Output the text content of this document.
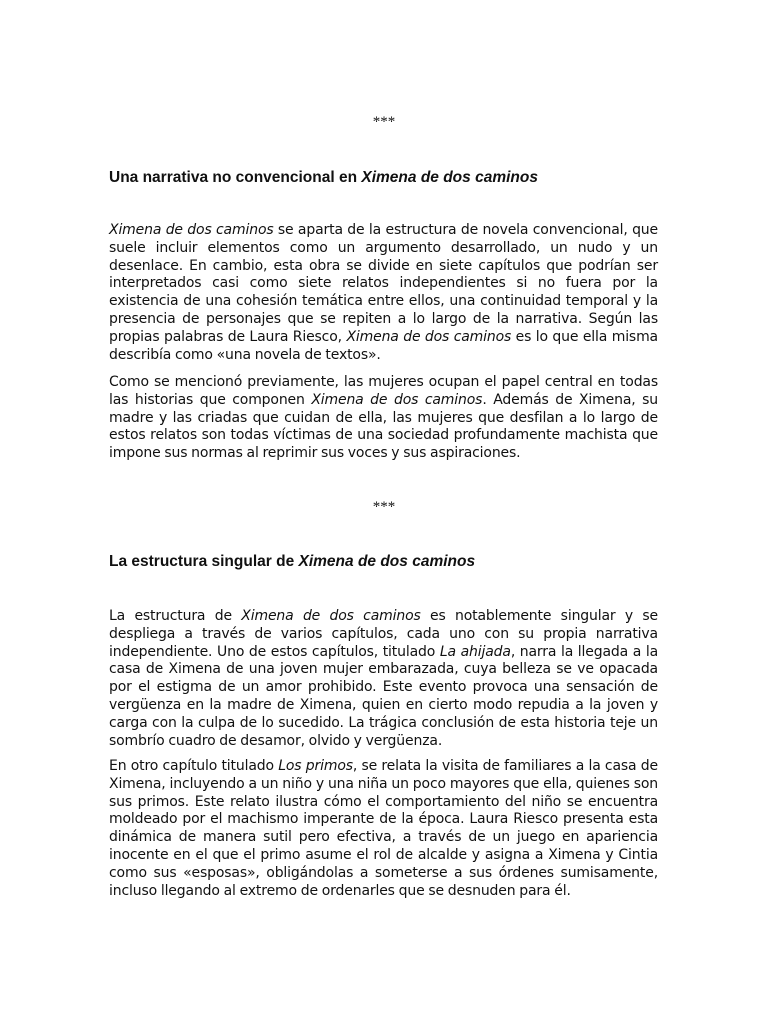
***
Una narrativa no convencional en Ximena de dos caminos

Ximena de dos caminos se aparta de la estructura de novela convencional, que suele incluir elementos como un argumento desarrollado, un nudo y un desenlace. En cambio, esta obra se divide en siete capítulos que podrían ser interpretados casi como siete relatos independientes si no fuera por la existencia de una cohesión temática entre ellos, una continuidad temporal y la presencia de personajes que se repiten a lo largo de la narrativa. Según las propias palabras de Laura Riesco, Ximena de dos caminos es lo que ella misma describía como «una novela de textos».

Como se mencionó previamente, las mujeres ocupan el papel central en todas las historias que componen Ximena de dos caminos. Además de Ximena, su madre y las criadas que cuidan de ella, las mujeres que desfilan a lo largo de estos relatos son todas víctimas de una sociedad profundamente machista que impone sus normas al reprimir sus voces y sus aspiraciones.

***
La estructura singular de Ximena de dos caminos

La estructura de Ximena de dos caminos es notablemente singular y se despliega a través de varios capítulos, cada uno con su propia narrativa independiente. Uno de estos capítulos, titulado La ahijada, narra la llegada a la casa de Ximena de una joven mujer embarazada, cuya belleza se ve opacada por el estigma de un amor prohibido. Este evento provoca una sensación de vergüenza en la madre de Ximena, quien en cierto modo repudia a la joven y carga con la culpa de lo sucedido. La trágica conclusión de esta historia teje un sombrío cuadro de desamor, olvido y vergüenza.

En otro capítulo titulado Los primos, se relata la visita de familiares a la casa de Ximena, incluyendo a un niño y una niña un poco mayores que ella, quienes son sus primos. Este relato ilustra cómo el comportamiento del niño se encuentra moldeado por el machismo imperante de la época. Laura Riesco presenta esta dinámica de manera sutil pero efectiva, a través de un juego en apariencia inocente en el que el primo asume el rol de alcalde y asigna a Ximena y Cintia como sus «esposas», obligándolas a someterse a sus órdenes sumisamente, incluso llegando al extremo de ordenarles que se desnuden para él.
